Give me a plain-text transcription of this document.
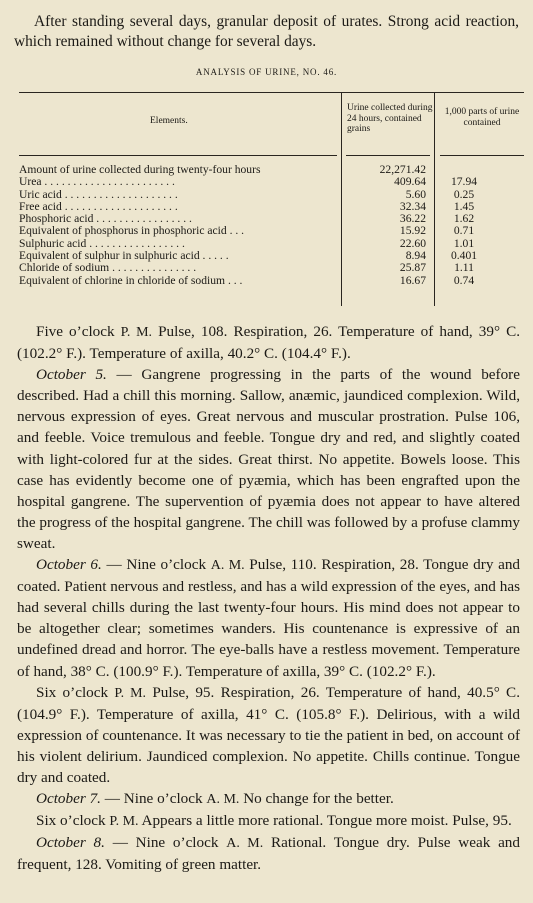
After standing several days, granular deposit of urates. Strong acid reaction, which remained without change for several days.

ANALYSIS OF URINE, NO. 46.
Elements.
Urine collected during 24 hours, contained grains
1,000 parts of urine contained
Amount of urine collected during twenty-four hours	22,271.42
Urea . . . . . . . . . . . . . . . . . . . . . . .	409.64	17.94
Uric acid . . . . . . . . . . . . . . . . . . . .	5.60	0.25
Free acid . . . . . . . . . . . . . . . . . . . .	32.34	1.45
Phosphoric acid . . . . . . . . . . . . . . . . .	36.22	1.62
Equivalent of phosphorus in phosphoric acid . . .	15.92	0.71
Sulphuric acid . . . . . . . . . . . . . . . . .	22.60	1.01
Equivalent of sulphur in sulphuric acid . . . . .	8.94	0.401
Chloride of sodium . . . . . . . . . . . . . . .	25.87	1.11
Equivalent of chlorine in chloride of sodium . . .	16.67	0.74

Five o’clock P. M. Pulse, 108. Respiration, 26. Temperature of hand, 39° C. (102.2° F.). Temperature of axilla, 40.2° C. (104.4° F.).

October 5. — Gangrene progressing in the parts of the wound before described. Had a chill this morning. Sallow, anæmic, jaundiced complexion. Wild, nervous expression of eyes. Great nervous and muscular prostration. Pulse 106, and feeble. Voice tremulous and feeble. Tongue dry and red, and slightly coated with light-colored fur at the sides. Great thirst. No appetite. Bowels loose. This case has evidently become one of pyæmia, which has been engrafted upon the hospital gangrene. The supervention of pyæmia does not appear to have altered the progress of the hospital gangrene. The chill was followed by a profuse clammy sweat.

October 6. — Nine o’clock A. M. Pulse, 110. Respiration, 28. Tongue dry and coated. Patient nervous and restless, and has a wild expression of the eyes, and has had several chills during the last twenty-four hours. His mind does not appear to be altogether clear; sometimes wanders. His countenance is expressive of an undefined dread and horror. The eye-balls have a restless movement. Temperature of hand, 38° C. (100.9° F.). Temperature of axilla, 39° C. (102.2° F.).

Six o’clock P. M. Pulse, 95. Respiration, 26. Temperature of hand, 40.5° C. (104.9° F.). Temperature of axilla, 41° C. (105.8° F.). Delirious, with a wild expression of countenance. It was necessary to tie the patient in bed, on account of his violent delirium. Jaundiced complexion. No appetite. Chills continue. Tongue dry and coated.

October 7. — Nine o’clock A. M. No change for the better.

Six o’clock P. M. Appears a little more rational. Tongue more moist. Pulse, 95.

October 8. — Nine o’clock A. M. Rational. Tongue dry. Pulse weak and frequent, 128. Vomiting of green matter.
